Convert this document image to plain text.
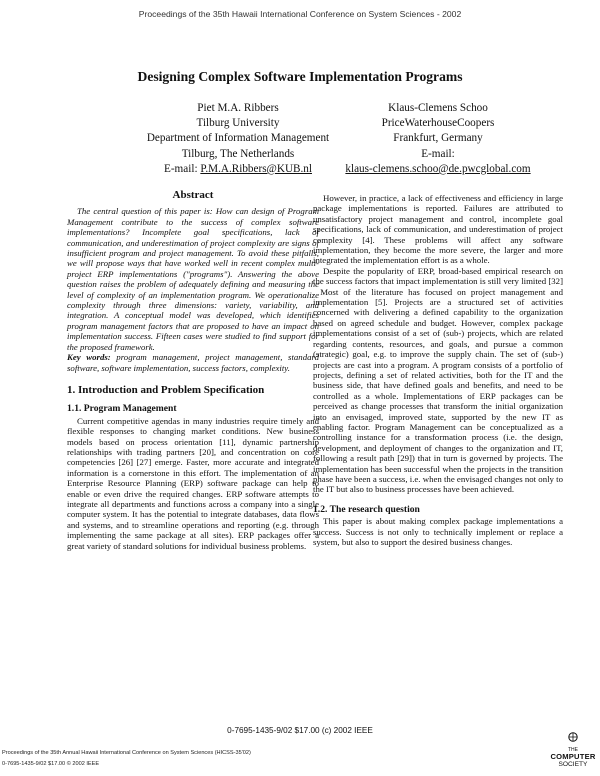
Proceedings of the 35th Hawaii International Conference on System Sciences - 2002
Designing Complex Software Implementation Programs
Piet M.A. Ribbers
Tilburg University
Department of Information Management
Tilburg, The Netherlands
E-mail: P.M.A.Ribbers@KUB.nl
Klaus-Clemens Schoo
PriceWaterhouseCoopers
Frankfurt, Germany
E-mail:
klaus-clemens.schoo@de.pwcglobal.com
Abstract

The central question of this paper is: How can design of Program Management contribute to the success of complex software implementations? Incomplete goal specifications, lack of communication, and underestimation of project complexity are signs of insufficient program and project management. To avoid these pitfalls, we will propose ways that have worked well in recent complex multi-project ERP implementations ("programs"). Answering the above question raises the problem of adequately defining and measuring the level of complexity of an implementation program. We operationalize complexity through three dimensions: variety, variability, and integration. A conceptual model was developed, which identifies program management factors that are proposed to have an impact on implementation success. Fifteen cases were studied to find support for the proposed framework.

Key words: program management, project management, standard software, software implementation, success factors, complexity.

1. Introduction and Problem Specification
1.1. Program Management

Current competitive agendas in many industries require timely and flexible responses to changing market conditions. New business models based on process orientation [11], dynamic partnership relationships with trading partners [20], and concentration on core competencies [26] [27] emerge. Faster, more accurate and integrated information is a cornerstone in this effort. The implementation of an Enterprise Resource Planning (ERP) software package can help to enable or even drive the required changes. ERP software attempts to integrate all departments and functions across a company into a single computer system. It has the potential to integrate databases, data flows and systems, and to streamline operations and reporting (e.g. through implementing the same package at all sites). ERP packages offer a great variety of standard solutions for individual business problems.

However, in practice, a lack of effectiveness and efficiency in large package implementations is reported. Failures are attributed to unsatisfactory project management and control, incomplete goal specifications, lack of communication, and underestimation of project complexity [4]. These problems will affect any software implementation, they become the more severe, the larger and more integrated the implementation effort is as a whole.

Despite the popularity of ERP, broad-based empirical research on the success factors that impact implementation is still very limited [32] . Most of the literature has focused on project management and implementation [5]. Projects are a structured set of activities concerned with delivering a defined capability to the organization based on agreed schedule and budget. However, complex package implementations consist of a set of (sub-) projects, which are related regarding contents, resources, and goals, and pursue a common (strategic) goal, e.g. to improve the supply chain. The set of (sub-) projects are cast into a program. A program consists of a portfolio of projects, defining a set of related activities, both for the IT and the business side, that have defined goals and benefits, and need to be controlled as a whole. Implementations of ERP packages can be perceived as change processes that transform the initial organization into an envisaged, improved state, supported by the new IT as enabling factor. Program Management can be conceptualized as a controlling instance for a transformation process (i.e. the design, development, and deployment of changes to the organization and IT, following a result path [29]) that in turn is governed by projects. The implementation has been successful when the projects in the transition phase have been a success, i.e. when the envisaged changes not only to the IT but also to business processes have been achieved.

1.2. The research question

This paper is about making complex package implementations a success. Success is not only to technically implement or replace a system, but also to support the desired business changes.

0-7695-1435-9/02 $17.00 (c) 2002 IEEE
Proceedings of the 35th Annual Hawaii International Conference on System Sciences (HICSS-35'02)
0-7695-1435-9/02 $17.00 © 2002 IEEE
THE
COMPUTER
SOCIETY
